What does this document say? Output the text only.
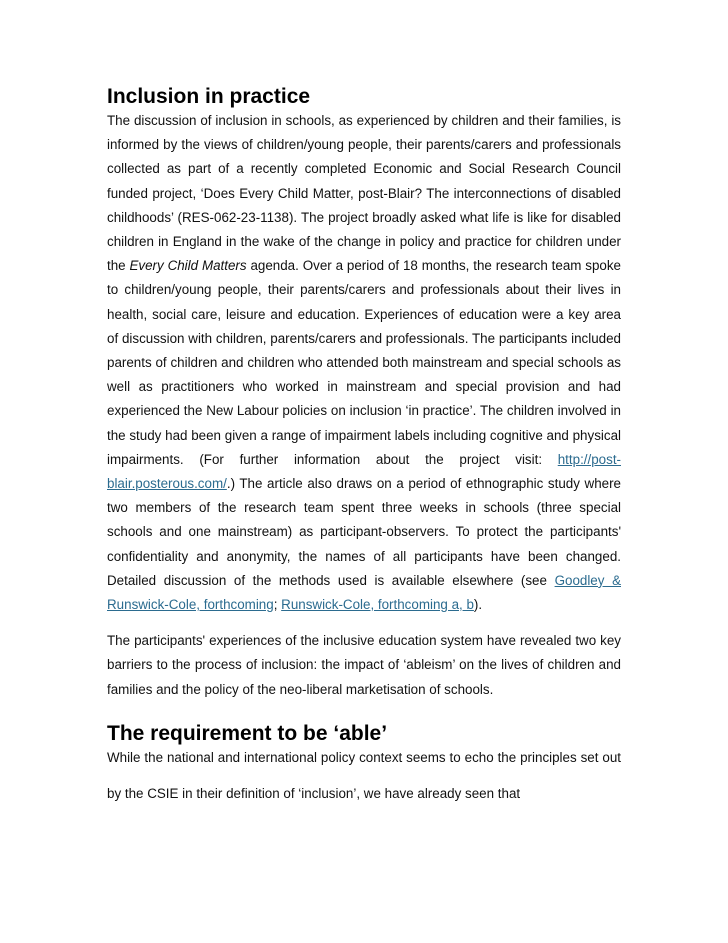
Inclusion in practice

The discussion of inclusion in schools, as experienced by children and their families, is informed by the views of children/young people, their parents/carers and professionals collected as part of a recently completed Economic and Social Research Council funded project, ‘Does Every Child Matter, post-Blair? The interconnections of disabled childhoods’ (RES-062-23-1138). The project broadly asked what life is like for disabled children in England in the wake of the change in policy and practice for children under the Every Child Matters agenda. Over a period of 18 months, the research team spoke to children/young people, their parents/carers and professionals about their lives in health, social care, leisure and education. Experiences of education were a key area of discussion with children, parents/carers and professionals. The participants included parents of children and children who attended both mainstream and special schools as well as practitioners who worked in mainstream and special provision and had experienced the New Labour policies on inclusion ‘in practice’. The children involved in the study had been given a range of impairment labels including cognitive and physical impairments. (For further information about the project visit: http://post-blair.posterous.com/.) The article also draws on a period of ethnographic study where two members of the research team spent three weeks in schools (three special schools and one mainstream) as participant-observers. To protect the participants' confidentiality and anonymity, the names of all participants have been changed. Detailed discussion of the methods used is available elsewhere (see Goodley & Runswick-Cole, forthcoming; Runswick-Cole, forthcoming a, b).

The participants' experiences of the inclusive education system have revealed two key barriers to the process of inclusion: the impact of ‘ableism’ on the lives of children and families and the policy of the neo-liberal marketisation of schools.

The requirement to be ‘able’

While the national and international policy context seems to echo the principles set out by the CSIE in their definition of ‘inclusion’, we have already seen that
